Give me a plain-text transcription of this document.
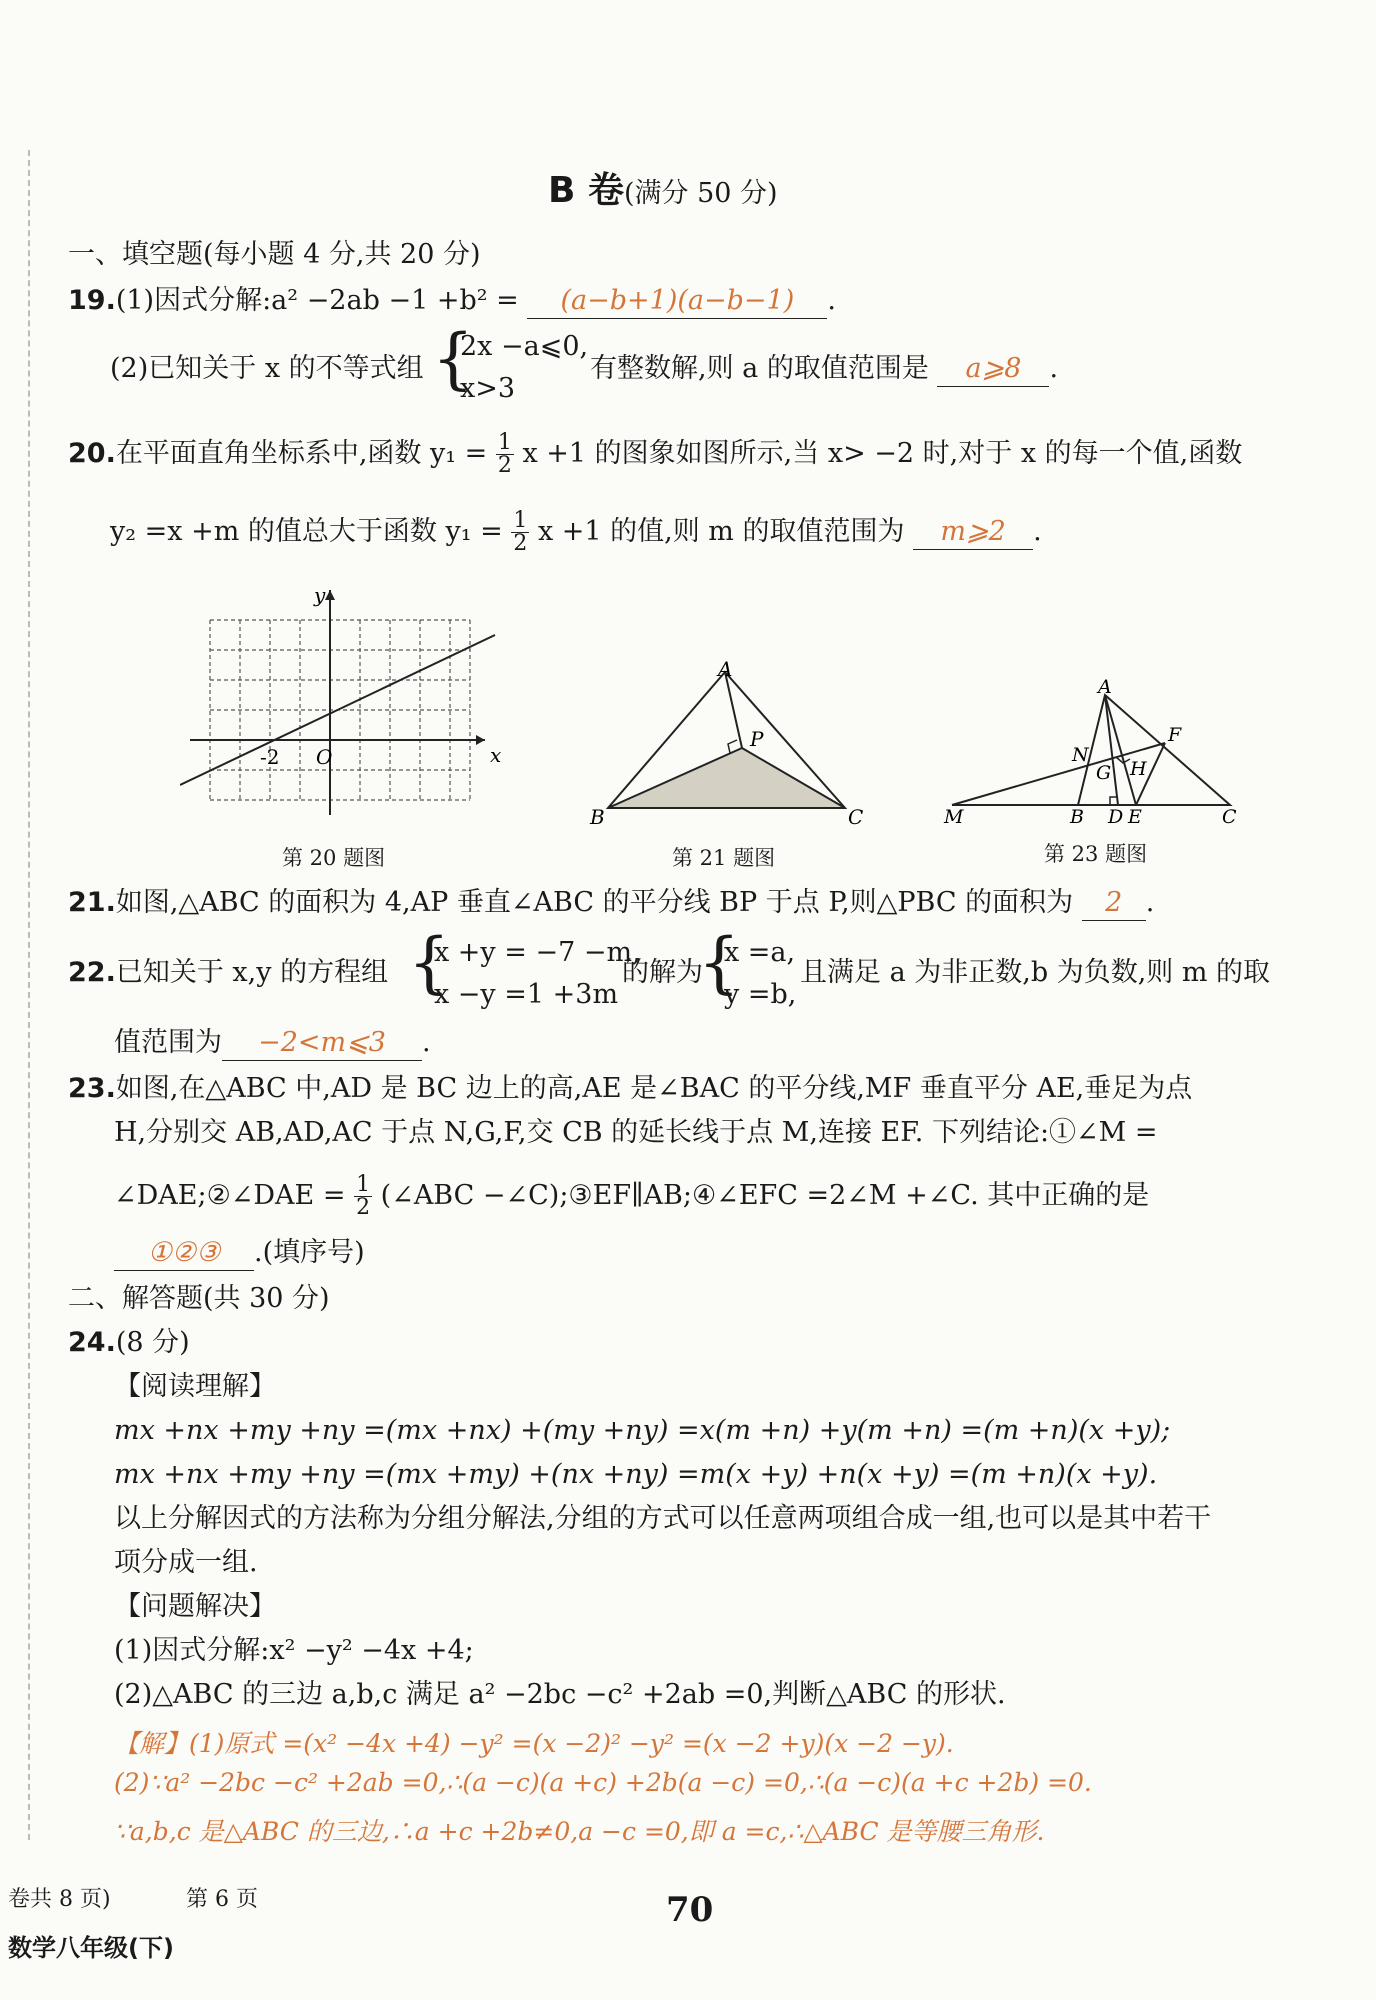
B 卷(满分 50 分)
一、填空题(每小题 4 分,共 20 分)
19.(1)因式分解:a² −2ab −1 +b² = (a−b+1)(a−b−1) .
(2)已知关于 x 的不等式组 {
2x −a⩽0,
x>3
有整数解,则 a 的取值范围是 a⩾8 .
20.在平面直角坐标系中,函数 $y_1 = \frac{1}{2}$ x +1 的图象如图所示,当 x> −2 时,对于 x 的每一个值,函数
y₂ =x +m 的值总大于函数 $y_1 = \frac{1}{2}$ x +1 的值,则 m 的取值范围为 m⩾2 .
x
y
O
-2
第 20 题图
A
P
B	C
第 21 题图
A
F
N
G H
M	B D E	C
第 23 题图
21.如图,△ABC 的面积为 4,AP 垂直∠ABC 的平分线 BP 于点 P,则△PBC 的面积为 2 .
22.已知关于 x,y 的方程组 {
x +y = −7 −m,
x −y =1 +3m
的解为
{
x =a,
y =b,
且满足 a 为非正数,b 为负数,则 m 的取
值范围为 −2<m⩽3 .
23.如图,在△ABC 中,AD 是 BC 边上的高,AE 是∠BAC 的平分线,MF 垂直平分 AE,垂足为点
H,分别交 AB,AD,AC 于点 N,G,F,交 CB 的延长线于点 M,连接 EF. 下列结论:①∠M =
∠DAE;②∠DAE = $\frac{1}{2}$ (∠ABC −∠C);③EF∥AB;④∠EFC =2∠M +∠C. 其中正确的是
①②③ .(填序号)
二、解答题(共 30 分)
24.(8 分)
【阅读理解】
mx +nx +my +ny =(mx +nx) +(my +ny) =x(m +n) +y(m +n) =(m +n)(x +y);
mx +nx +my +ny =(mx +my) +(nx +ny) =m(x +y) +n(x +y) =(m +n)(x +y).
以上分解因式的方法称为分组分解法,分组的方式可以任意两项组合成一组,也可以是其中若干
项分成一组.
【问题解决】
(1)因式分解:x² −y² −4x +4;
(2)△ABC 的三边 a,b,c 满足 a² −2bc −c² +2ab =0,判断△ABC 的形状.
【解】(1)原式 =(x² −4x +4) −y² =(x −2)² −y² =(x −2 +y)(x −2 −y).
(2)∵a² −2bc −c² +2ab =0,∴(a −c)(a +c) +2b(a −c) =0,∴(a −c)(a +c +2b) =0.
∵a,b,c 是△ABC 的三边,∴a +c +2b≠0,a −c =0,即 a =c,∴△ABC 是等腰三角形.
卷共 8 页)	第 6 页	70
数学八年级(下)
